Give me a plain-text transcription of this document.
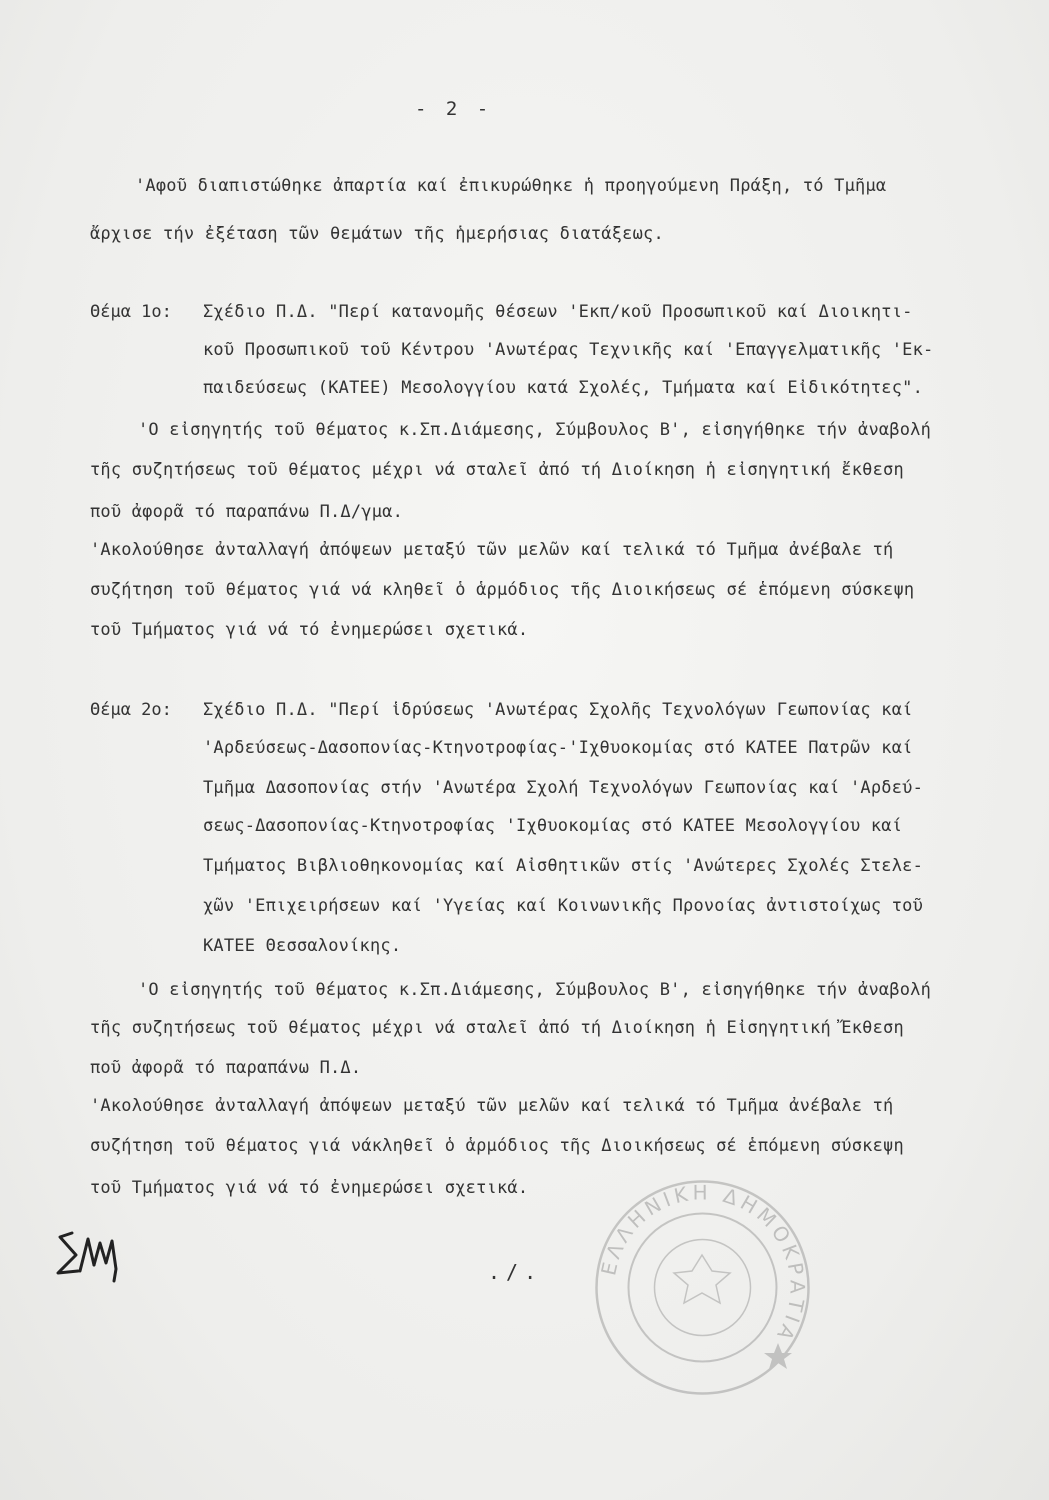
- 2 -
'Αφοῦ διαπιστώθηκε ἀπαρτία καί ἐπικυρώθηκε ἡ προηγούμενη Πράξη, τό Τμῆμα
ἄρχισε τήν ἐξέταση τῶν θεμάτων τῆς ἡμερήσιας διατάξεως.
Θέμα 1ο: Σχέδιο Π.Δ. "Περί κατανομῆς θέσεων 'Εκπ/κοῦ Προσωπικοῦ καί Διοικητι-
κοῦ Προσωπικοῦ τοῦ Κέντρου 'Ανωτέρας Τεχνικῆς καί 'Επαγγελματικῆς 'Εκ-
παιδεύσεως (ΚΑΤΕΕ) Μεσολογγίου κατά Σχολές, Τμήματα καί Εἰδικότητες".
'Ο εἰσηγητής τοῦ θέματος κ.Σπ.Διάμεσης, Σύμβουλος Β', εἰσηγήθηκε τήν ἀναβολή
τῆς συζητήσεως τοῦ θέματος μέχρι νά σταλεῖ ἀπό τή Διοίκηση ἡ εἰσηγητική ἔκθεση
ποῦ ἀφορᾶ τό παραπάνω Π.Δ/γμα.
'Ακολούθησε ἀνταλλαγή ἀπόψεων μεταξύ τῶν μελῶν καί τελικά τό Τμῆμα ἀνέβαλε τή
συζήτηση τοῦ θέματος γιά νά κληθεῖ ὁ ἁρμόδιος τῆς Διοικήσεως σέ ἑπόμενη σύσκεψη
τοῦ Τμήματος γιά νά τό ἐνημερώσει σχετικά.
Θέμα 2ο: Σχέδιο Π.Δ. "Περί ἱδρύσεως 'Ανωτέρας Σχολῆς Τεχνολόγων Γεωπονίας καί
'Αρδεύσεως-Δασοπονίας-Κτηνοτροφίας-'Ιχθυοκομίας στό ΚΑΤΕΕ Πατρῶν καί
Τμῆμα Δασοπονίας στήν 'Ανωτέρα Σχολή Τεχνολόγων Γεωπονίας καί 'Αρδεύ-
σεως-Δασοπονίας-Κτηνοτροφίας 'Ιχθυοκομίας στό ΚΑΤΕΕ Μεσολογγίου καί
Τμήματος Βιβλιοθηκονομίας καί Αἰσθητικῶν στίς 'Ανώτερες Σχολές Στελε-
χῶν 'Επιχειρήσεων καί 'Υγείας καί Κοινωνικῆς Προνοίας ἀντιστοίχως τοῦ
ΚΑΤΕΕ Θεσσαλονίκης.
'Ο εἰσηγητής τοῦ θέματος κ.Σπ.Διάμεσης, Σύμβουλος Β', εἰσηγήθηκε τήν ἀναβολή
τῆς συζητήσεως τοῦ θέματος μέχρι νά σταλεῖ ἀπό τή Διοίκηση ἡ Εἰσηγητική Ἔκθεση
ποῦ ἀφορᾶ τό παραπάνω Π.Δ.
'Ακολούθησε ἀνταλλαγή ἀπόψεων μεταξύ τῶν μελῶν καί τελικά τό Τμῆμα ἀνέβαλε τή
συζήτηση τοῦ θέματος γιά νάκληθεῖ ὁ ἁρμόδιος τῆς Διοικήσεως σέ ἑπόμενη σύσκεψη
τοῦ Τμήματος γιά νά τό ἐνημερώσει σχετικά.
./.	ΕΛΛΗΝΙΚΗ ΔΗΜΟΚΡΑΤΙΑ
